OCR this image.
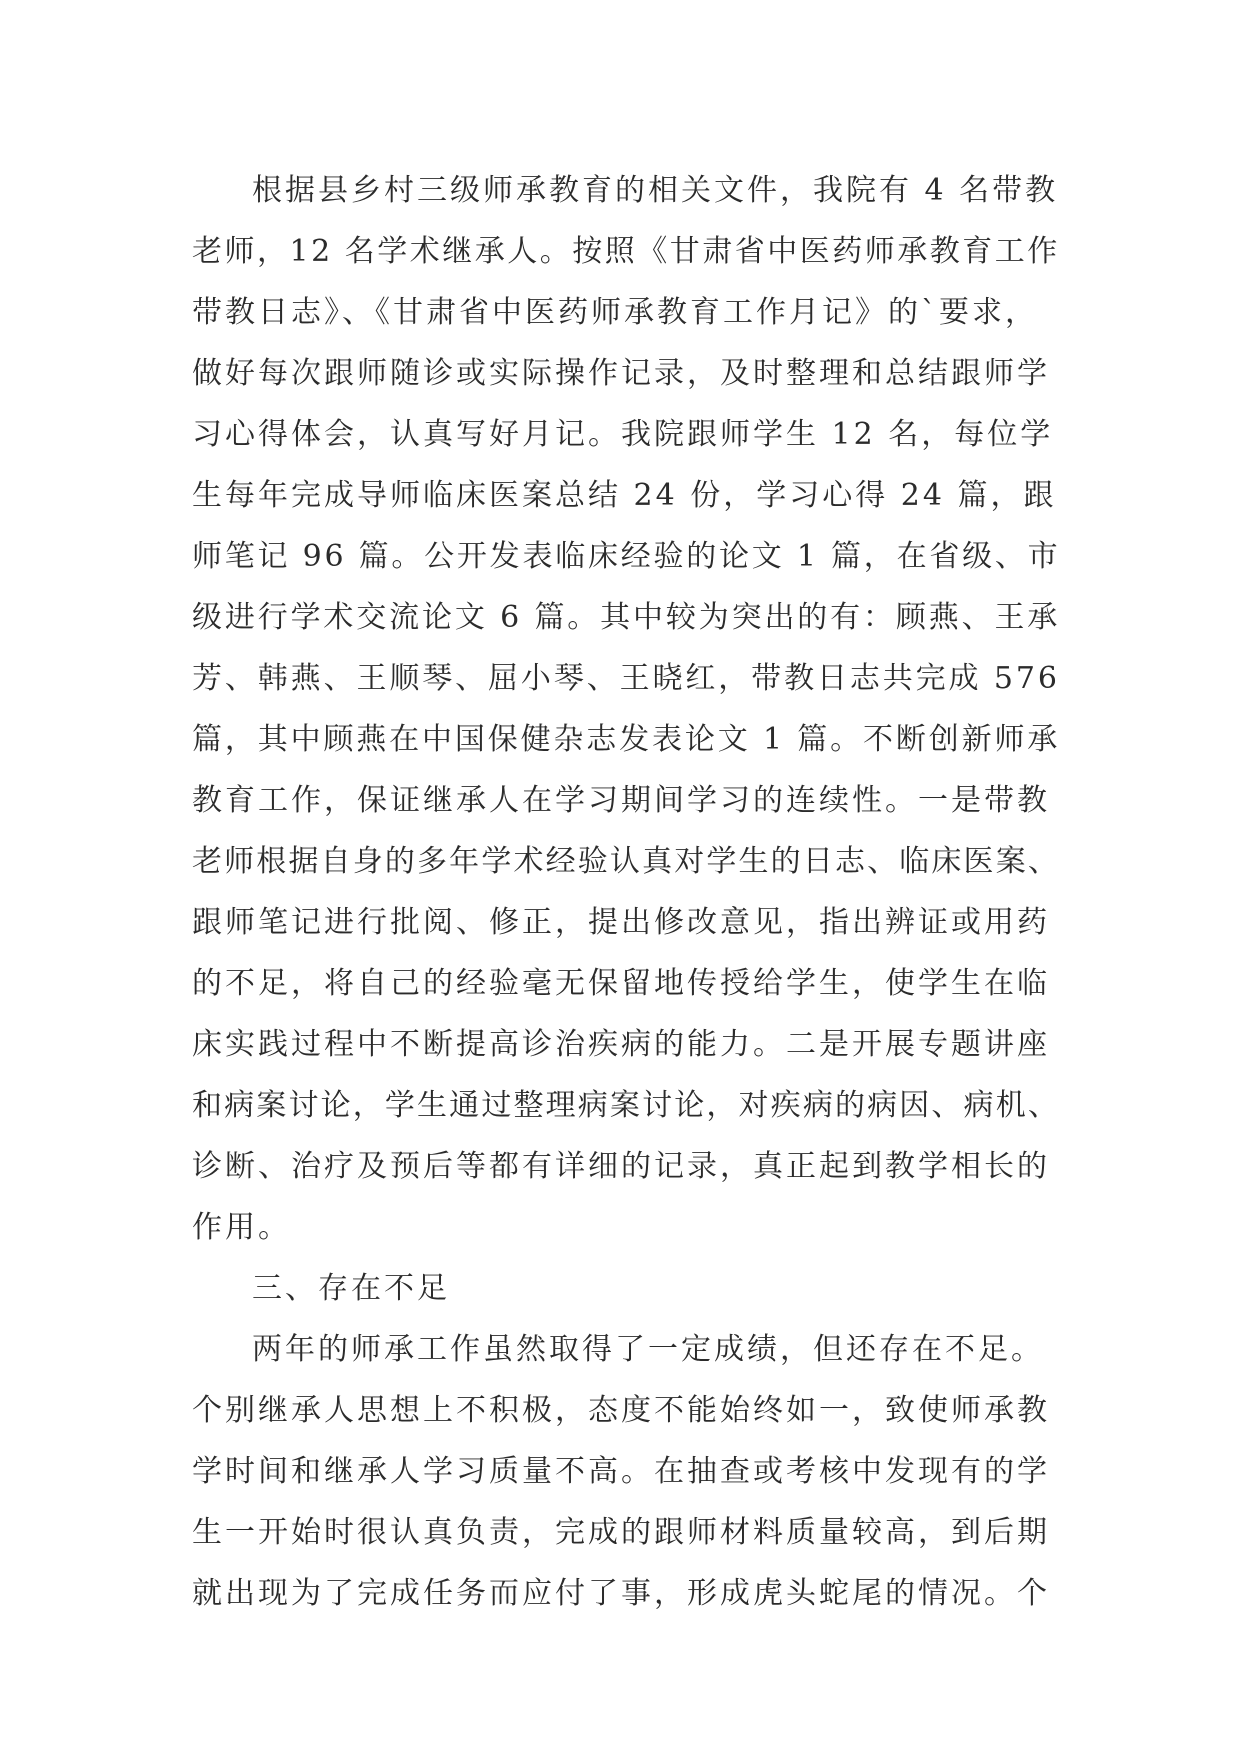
根据县乡村三级师承教育的相关文件，我院有 4 名带教
老师，12 名学术继承人。按照《甘肃省中医药师承教育工作
带教日志》、《甘肃省中医药师承教育工作月记》的`要求，
做好每次跟师随诊或实际操作记录，及时整理和总结跟师学
习心得体会，认真写好月记。我院跟师学生 12 名，每位学
生每年完成导师临床医案总结 24 份，学习心得 24 篇，跟
师笔记 96 篇。公开发表临床经验的论文 1 篇，在省级、市
级进行学术交流论文 6 篇。其中较为突出的有：顾燕、王承
芳、韩燕、王顺琴、屈小琴、王晓红，带教日志共完成 576
篇，其中顾燕在中国保健杂志发表论文 1 篇。不断创新师承
教育工作，保证继承人在学习期间学习的连续性。一是带教
老师根据自身的多年学术经验认真对学生的日志、临床医案、
跟师笔记进行批阅、修正，提出修改意见，指出辨证或用药
的不足，将自己的经验毫无保留地传授给学生，使学生在临
床实践过程中不断提高诊治疾病的能力。二是开展专题讲座
和病案讨论，学生通过整理病案讨论，对疾病的病因、病机、
诊断、治疗及预后等都有详细的记录，真正起到教学相长的
作用。
三、存在不足
两年的师承工作虽然取得了一定成绩，但还存在不足。
个别继承人思想上不积极，态度不能始终如一，致使师承教
学时间和继承人学习质量不高。在抽查或考核中发现有的学
生一开始时很认真负责，完成的跟师材料质量较高，到后期
就出现为了完成任务而应付了事，形成虎头蛇尾的情况。个
